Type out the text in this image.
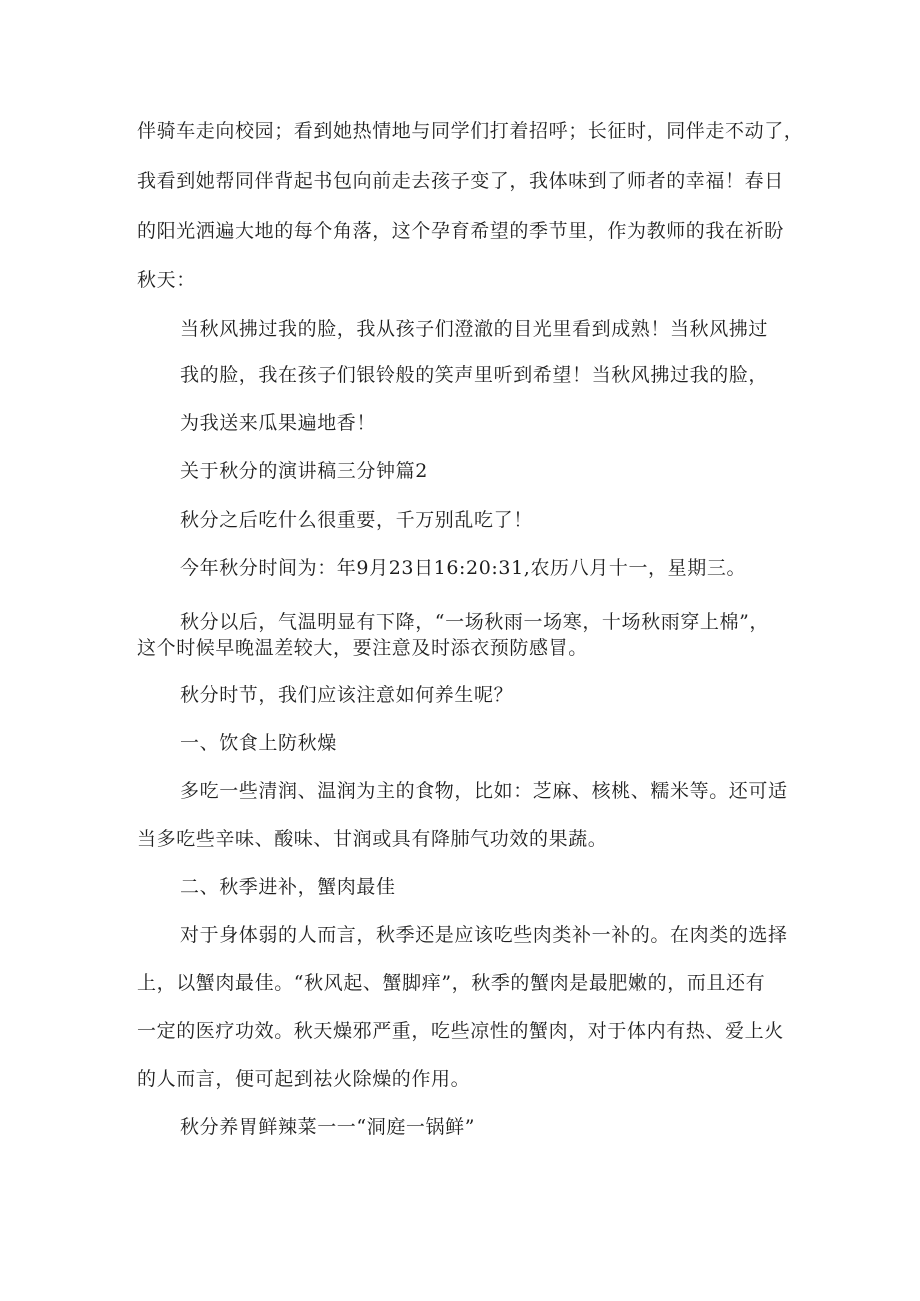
伴骑车走向校园；看到她热情地与同学们打着招呼；长征时，同伴走不动了，
我看到她帮同伴背起书包向前走去孩子变了，我体味到了师者的幸福！春日
的阳光洒遍大地的每个角落，这个孕育希望的季节里，作为教师的我在祈盼
秋天：
当秋风拂过我的脸，我从孩子们澄澈的目光里看到成熟！当秋风拂过
我的脸，我在孩子们银铃般的笑声里听到希望！当秋风拂过我的脸，
为我送来瓜果遍地香！
关于秋分的演讲稿三分钟篇2
秋分之后吃什么很重要，千万别乱吃了！
今年秋分时间为：年9月23日16:20:31,农历八月十一，星期三。
秋分以后，气温明显有下降，“一场秋雨一场寒，十场秋雨穿上棉”，
这个时候早晚温差较大，要注意及时添衣预防感冒。
秋分时节，我们应该注意如何养生呢？
一、饮食上防秋燥
多吃一些清润、温润为主的食物，比如：芝麻、核桃、糯米等。还可适
当多吃些辛味、酸味、甘润或具有降肺气功效的果蔬。
二、秋季进补，蟹肉最佳
对于身体弱的人而言，秋季还是应该吃些肉类补一补的。在肉类的选择
上，以蟹肉最佳。“秋风起、蟹脚痒”，秋季的蟹肉是最肥嫩的，而且还有
一定的医疗功效。秋天燥邪严重，吃些凉性的蟹肉，对于体内有热、爱上火
的人而言，便可起到祛火除燥的作用。
秋分养胃鲜辣菜一一“洞庭一锅鲜”
